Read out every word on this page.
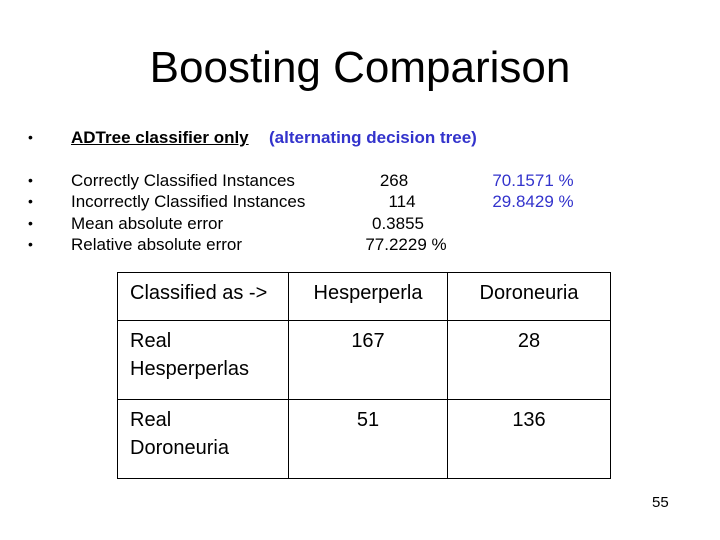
Boosting Comparison
• ADTree classifier only (alternating decision tree)
• Correctly Classified Instances	268	70.1571 %
• Incorrectly Classified Instances	114	29.8429 %
• Mean absolute error	0.3855
• Relative absolute error	77.2229 %
Classified as ->	Hesperperla	Doroneuria
Real
Hesperperlas	167	28
Real
Doroneuria	51	136
55
